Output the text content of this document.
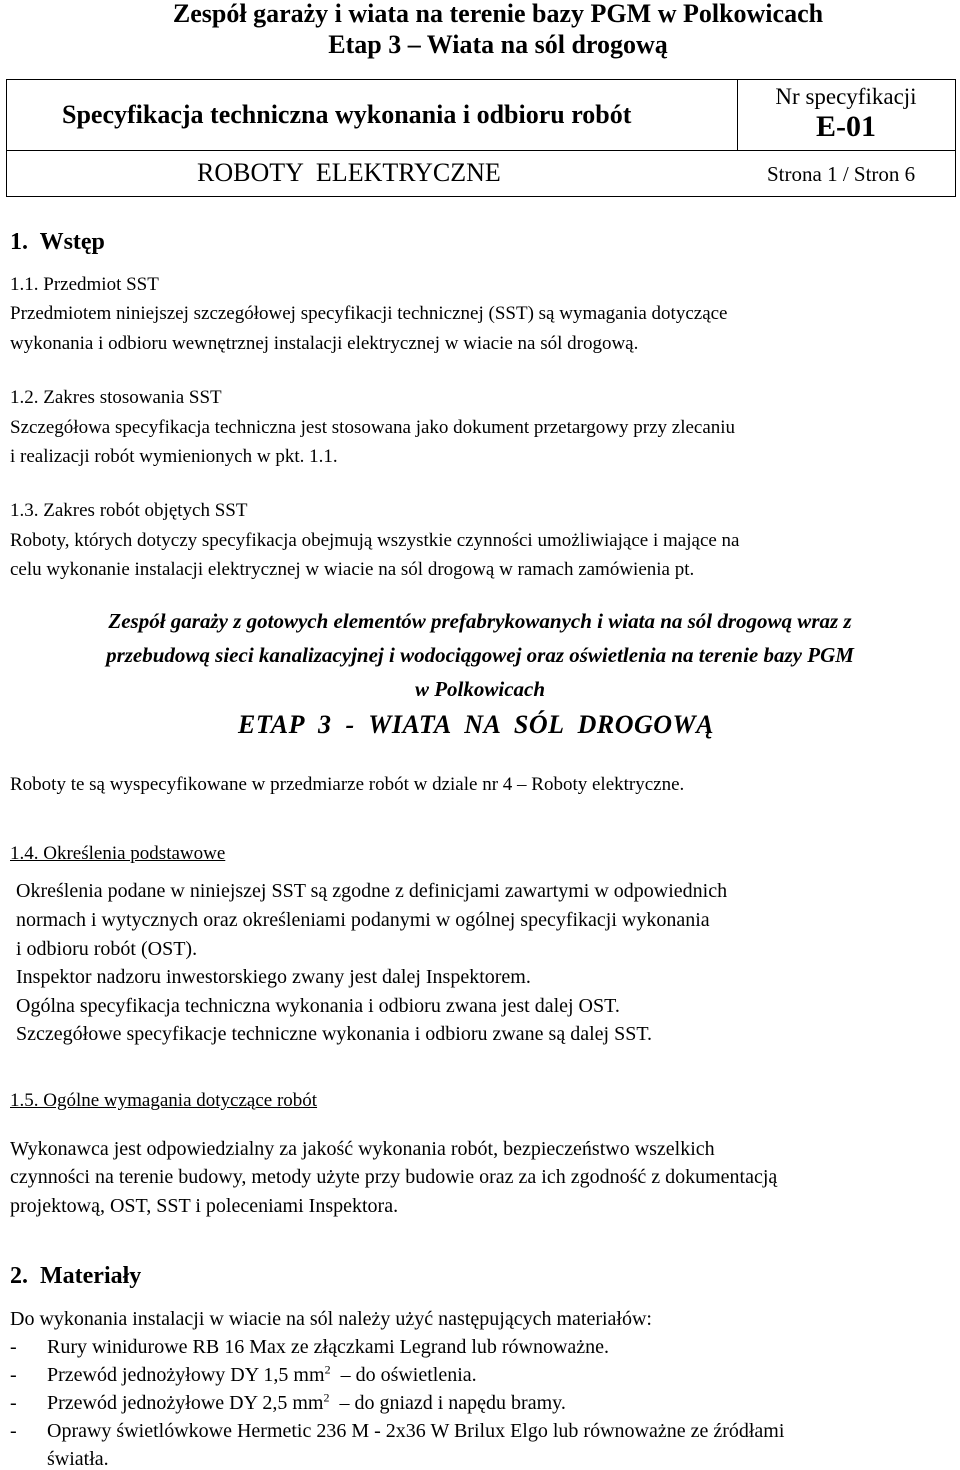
Zespół garaży i wiata na terenie bazy PGM w Polkowicach
Etap 3 – Wiata na sól drogową
Specyfikacja techniczna wykonania i odbioru robót
Nr specyfikacji
E-01
ROBOTY  ELEKTRYCZNE	Strona 1 / Stron 6
1.  Wstęp
1.1. Przedmiot SST
Przedmiotem niniejszej szczegółowej specyfikacji technicznej (SST) są wymagania dotyczące
wykonania i odbioru wewnętrznej instalacji elektrycznej w wiacie na sól drogową.
1.2. Zakres stosowania SST
Szczegółowa specyfikacja techniczna jest stosowana jako dokument przetargowy przy zlecaniu
i realizacji robót wymienionych w pkt. 1.1.
1.3. Zakres robót objętych SST
Roboty, których dotyczy specyfikacja obejmują wszystkie czynności umożliwiające i mające na
celu wykonanie instalacji elektrycznej w wiacie na sól drogową w ramach zamówienia pt.
Zespół garaży z gotowych elementów prefabrykowanych i wiata na sól drogową wraz z
przebudową sieci kanalizacyjnej i wodociągowej oraz oświetlenia na terenie bazy PGM
w Polkowicach
ETAP  3  -  WIATA  NA  SÓL  DROGOWĄ
Roboty te są wyspecyfikowane w przedmiarze robót w dziale nr 4 – Roboty elektryczne.
1.4. Określenia podstawowe
Określenia podane w niniejszej SST są zgodne z definicjami zawartymi w odpowiednich
normach i wytycznych oraz określeniami podanymi w ogólnej specyfikacji wykonania
i odbioru robót (OST).
Inspektor nadzoru inwestorskiego zwany jest dalej Inspektorem.
Ogólna specyfikacja techniczna wykonania i odbioru zwana jest dalej OST.
Szczegółowe specyfikacje techniczne wykonania i odbioru zwane są dalej SST.
1.5. Ogólne wymagania dotyczące robót
Wykonawca jest odpowiedzialny za jakość wykonania robót, bezpieczeństwo wszelkich
czynności na terenie budowy, metody użyte przy budowie oraz za ich zgodność z dokumentacją
projektową, OST, SST i poleceniami Inspektora.
2.  Materiały
Do wykonania instalacji w wiacie na sól należy użyć następujących materiałów:
- Rury winidurowe RB 16 Max ze złączkami Legrand lub równoważne.
- Przewód jednożyłowy DY 1,5 $mm^2$  – do oświetlenia.
- Przewód jednożyłowe DY 2,5 $mm^2$  – do gniazd i napędu bramy.
- Oprawy świetlówkowe Hermetic 236 M - 2x36 W Brilux Elgo lub równoważne ze źródłami
światła.
